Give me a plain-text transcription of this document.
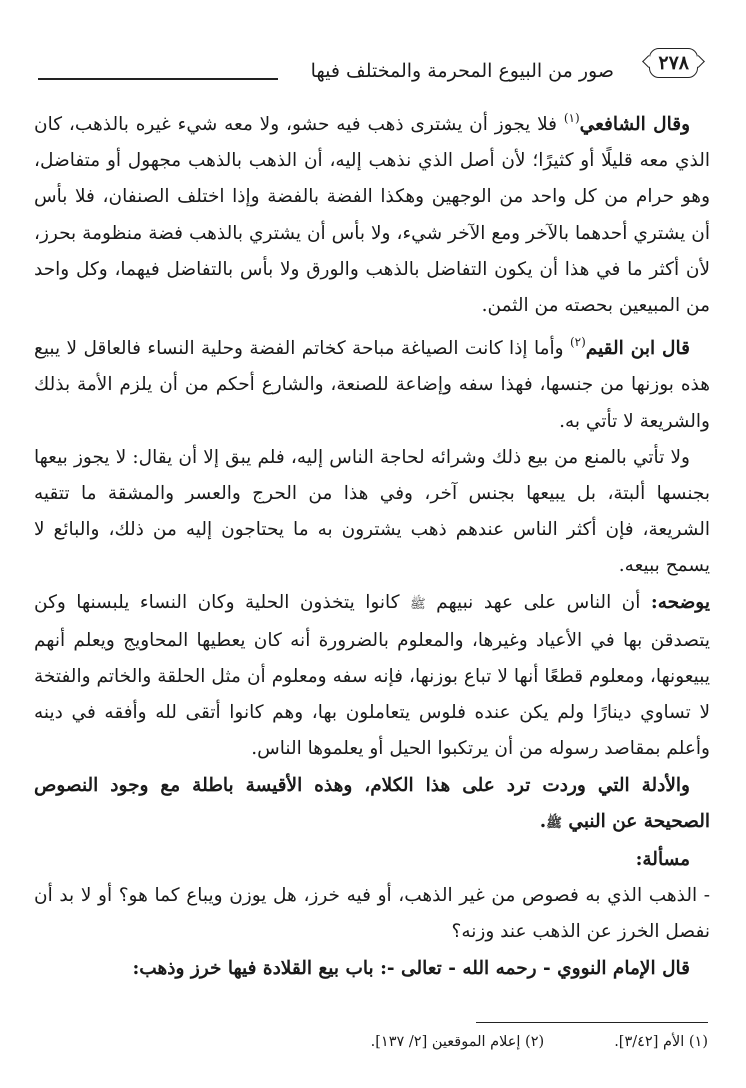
٢٧٨
صور من البيوع المحرمة والمختلف فيها

وقال الشافعي$^{(١)}$ فلا يجوز أن يشترى ذهب فيه حشو، ولا معه شيء غيره بالذهب، كان الذي معه قليلًا أو كثيرًا؛ لأن أصل الذي نذهب إليه، أن الذهب بالذهب مجهول أو متفاضل، وهو حرام من كل واحد من الوجهين وهكذا الفضة بالفضة وإذا اختلف الصنفان، فلا بأس أن يشتري أحدهما بالآخر ومع الآخر شيء، ولا بأس أن يشتري بالذهب فضة منظومة بحرز، لأن أكثر ما في هذا أن يكون التفاضل بالذهب والورق ولا بأس بالتفاضل فيهما، وكل واحد من المبيعين بحصته من الثمن.

قال ابن القيم$^{(٢)}$ وأما إذا كانت الصياغة مباحة كخاتم الفضة وحلية النساء فالعاقل لا يبيع هذه بوزنها من جنسها، فهذا سفه وإضاعة للصنعة، والشارع أحكم من أن يلزم الأمة بذلك والشريعة لا تأتي به.

ولا تأتي بالمنع من بيع ذلك وشرائه لحاجة الناس إليه، فلم يبق إلا أن يقال: لا يجوز بيعها بجنسها ألبتة، بل يبيعها بجنس آخر، وفي هذا من الحرج والعسر والمشقة ما تتقيه الشريعة، فإن أكثر الناس عندهم ذهب يشترون به ما يحتاجون إليه من ذلك، والبائع لا يسمح ببيعه.

يوضحه: أن الناس على عهد نبيهم ﷺ كانوا يتخذون الحلية وكان النساء يلبسنها وكن يتصدقن بها في الأعياد وغيرها، والمعلوم بالضرورة أنه كان يعطيها المحاويج ويعلم أنهم يبيعونها، ومعلوم قطعًا أنها لا تباع بوزنها، فإنه سفه ومعلوم أن مثل الحلقة والخاتم والفتخة لا تساوي دينارًا ولم يكن عنده فلوس يتعاملون بها، وهم كانوا أتقى لله وأفقه في دينه وأعلم بمقاصد رسوله من أن يرتكبوا الحيل أو يعلموها الناس.

والأدلة التي وردت ترد على هذا الكلام، وهذه الأقيسة باطلة مع وجود النصوص الصحيحة عن النبي ﷺ.

مسألة:

- الذهب الذي به فصوص من غير الذهب، أو فيه خرز، هل يوزن ويباع كما هو؟ أو لا بد أن نفصل الخرز عن الذهب عند وزنه؟

قال الإمام النووي - رحمه الله - تعالى -: باب بيع القلادة فيها خرز وذهب:

(١) الأم [٣/٤٢].
(٢) إعلام الموقعين [٢/ ١٣٧].
